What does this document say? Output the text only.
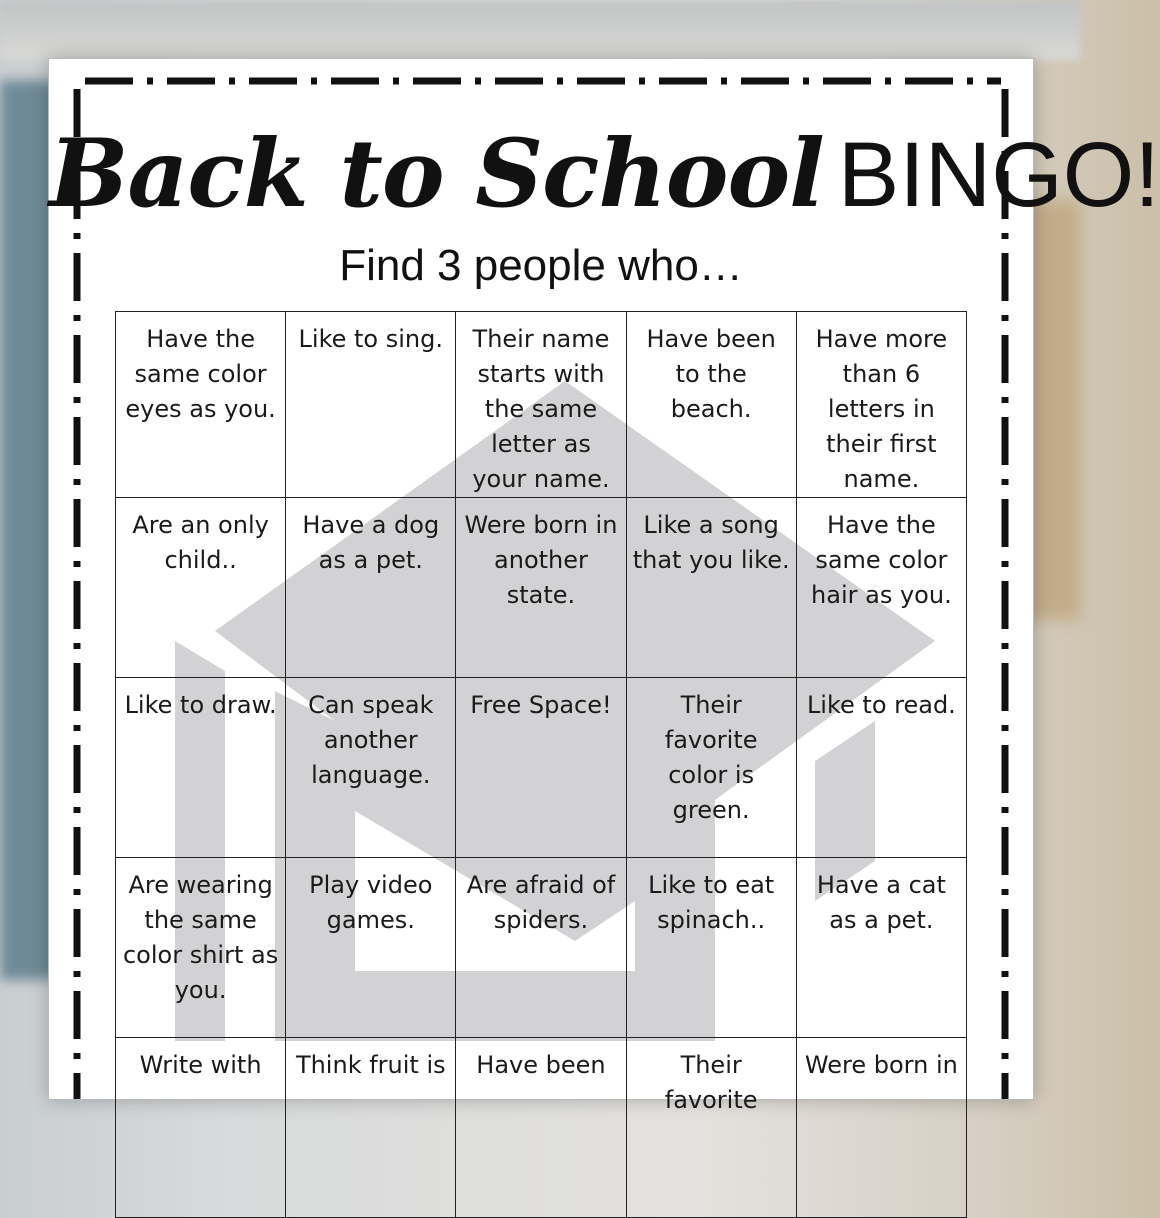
Back to School BINGO!
Find 3 people who…
Have the same color eyes as you.	Like to sing.	Their name starts with the same letter as your name.	Have been to the beach.	Have more than 6 letters in their first name.
Are an only child..	Have a dog as a pet.	Were born in another state.	Like a song that you like.	Have the same color hair as you.
Like to draw.	Can speak another language.	Free Space!	Their favorite color is green.	Like to read.
Are wearing the same color shirt as you.	Play video games.	Are afraid of spiders.	Like to eat spinach..	Have a cat as a pet.
Write with	Think fruit is	Have been	Their favorite	Were born in
